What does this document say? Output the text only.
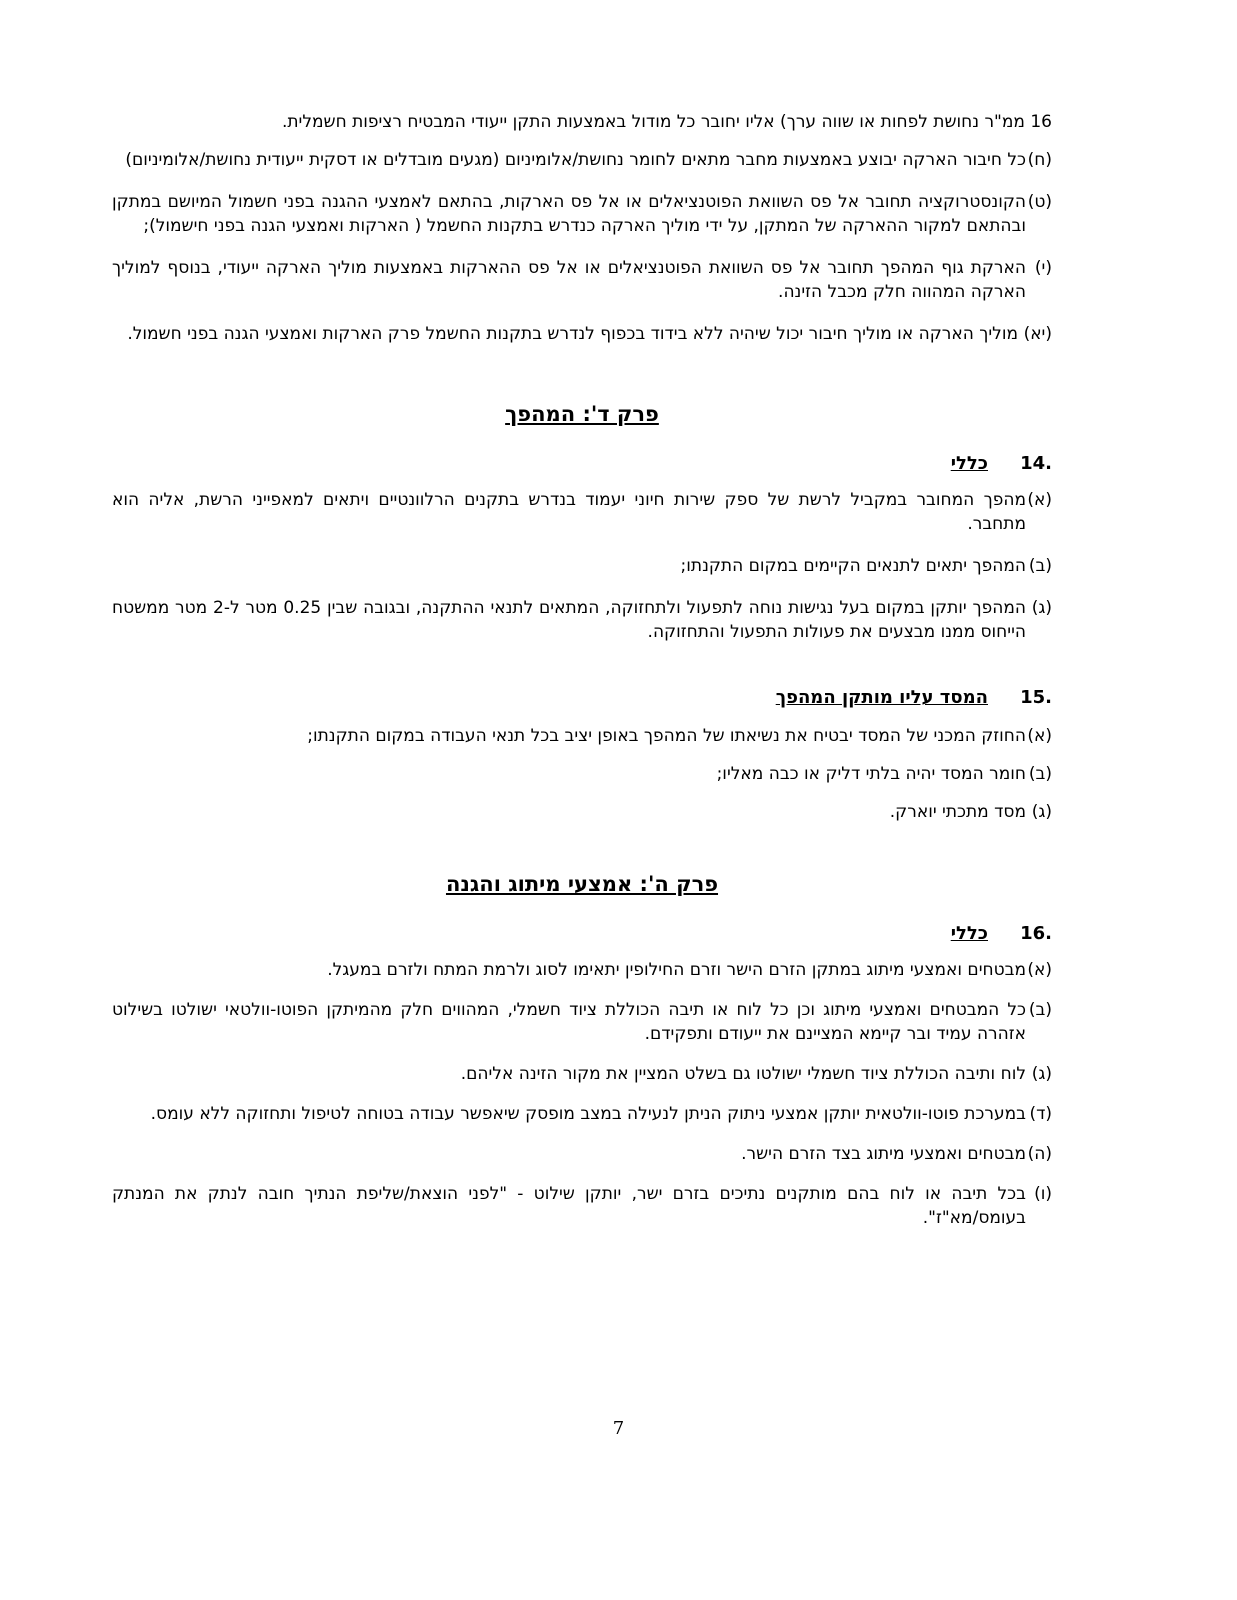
16 ממ"ר נחושת לפחות או שווה ערך) אליו יחובר כל מודול באמצעות התקן ייעודי המבטיח רציפות חשמלית.
(ח)
כל חיבור הארקה יבוצע באמצעות מחבר מתאים לחומר נחושת/אלומיניום (מגעים מובדלים או דסקית ייעודית נחושת/אלומיניום)
(ט)
הקונסטרוקציה תחובר אל פס השוואת הפוטנציאלים או אל פס הארקות, בהתאם לאמצעי ההגנה בפני חשמול המיושם במתקן ובהתאם למקור ההארקה של המתקן, על ידי מוליך הארקה כנדרש בתקנות החשמל ( הארקות ואמצעי הגנה בפני חישמול);
(י)
הארקת גוף המהפך תחובר אל פס השוואת הפוטנציאלים או אל פס ההארקות באמצעות מוליך הארקה ייעודי, בנוסף למוליך הארקה המהווה חלק מכבל הזינה.
(יא)
מוליך הארקה או מוליך חיבור יכול שיהיה ללא בידוד בכפוף לנדרש בתקנות החשמל פרק הארקות ואמצעי הגנה בפני חשמול.
פרק ד': המהפך
14.
כללי
(א)
מהפך המחובר במקביל לרשת של ספק שירות חיוני יעמוד בנדרש בתקנים הרלוונטיים ויתאים למאפייני הרשת, אליה הוא מתחבר.
(ב)
המהפך יתאים לתנאים הקיימים במקום התקנתו;
(ג)
המהפך יותקן במקום בעל נגישות נוחה לתפעול ולתחזוקה, המתאים לתנאי ההתקנה, ובגובה שבין 0.25 מטר ל-2 מטר ממשטח הייחוס ממנו מבצעים את פעולות התפעול והתחזוקה.
15.
המסד עליו מותקן המהפך
(א)
החוזק המכני של המסד יבטיח את נשיאתו של המהפך באופן יציב בכל תנאי העבודה במקום התקנתו;
(ב)
חומר המסד יהיה בלתי דליק או כבה מאליו;
(ג)
מסד מתכתי יוארק.
פרק ה': אמצעי מיתוג והגנה
16.
כללי
(א)
מבטחים ואמצעי מיתוג במתקן הזרם הישר וזרם החילופין יתאימו לסוג ולרמת המתח ולזרם במעגל.
(ב)
כל המבטחים ואמצעי מיתוג וכן כל לוח או תיבה הכוללת ציוד חשמלי, המהווים חלק מהמיתקן הפוטו-וולטאי ישולטו בשילוט אזהרה עמיד ובר קיימא המציינם את ייעודם ותפקידם.
(ג)
לוח ותיבה הכוללת ציוד חשמלי ישולטו גם בשלט המציין את מקור הזינה אליהם.
(ד)
במערכת פוטו-וולטאית יותקן אמצעי ניתוק הניתן לנעילה במצב מופסק שיאפשר עבודה בטוחה לטיפול ותחזוקה ללא עומס.
(ה)
מבטחים ואמצעי מיתוג בצד הזרם הישר.
(ו)
בכל תיבה או לוח בהם מותקנים נתיכים בזרם ישר, יותקן שילוט - "לפני הוצאת/שליפת הנתיך חובה לנתק את המנתק בעומס/מא"ז".
7
